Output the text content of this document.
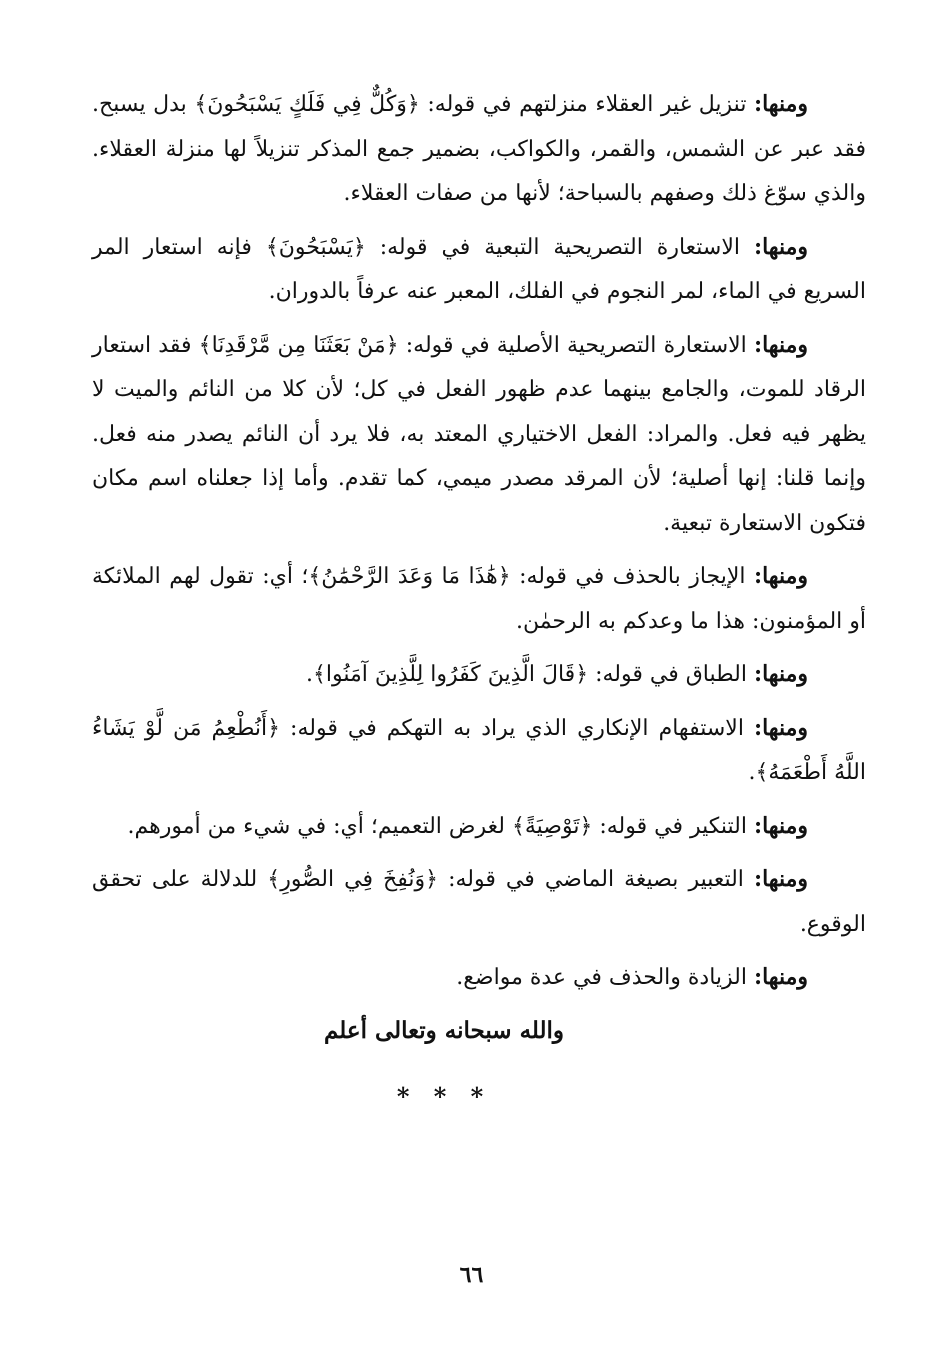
ومنها: تنزيل غير العقلاء منزلتهم في قوله: ﴿وَكُلٌّ فِي فَلَكٍ يَسْبَحُونَ﴾ بدل يسبح. فقد عبر عن الشمس، والقمر، والكواكب، بضمير جمع المذكر تنزيلاً لها منزلة العقلاء. والذي سوّغ ذلك وصفهم بالسباحة؛ لأنها من صفات العقلاء.

ومنها: الاستعارة التصريحية التبعية في قوله: ﴿يَسْبَحُونَ﴾ فإنه استعار المر السريع في الماء، لمر النجوم في الفلك، المعبر عنه عرفاً بالدوران.

ومنها: الاستعارة التصريحية الأصلية في قوله: ﴿مَنْ بَعَثَنَا مِن مَّرْقَدِنَا﴾ فقد استعار الرقاد للموت، والجامع بينهما عدم ظهور الفعل في كل؛ لأن كلا من النائم والميت لا يظهر فيه فعل. والمراد: الفعل الاختياري المعتد به، فلا يرد أن النائم يصدر منه فعل. وإنما قلنا: إنها أصلية؛ لأن المرقد مصدر ميمي، كما تقدم. وأما إذا جعلناه اسم مكان فتكون الاستعارة تبعية.

ومنها: الإيجاز بالحذف في قوله: ﴿هَٰذَا مَا وَعَدَ الرَّحْمَٰنُ﴾؛ أي: تقول لهم الملائكة أو المؤمنون: هذا ما وعدكم به الرحمٰن.

ومنها: الطباق في قوله: ﴿قَالَ الَّذِينَ كَفَرُوا لِلَّذِينَ آمَنُوا﴾.

ومنها: الاستفهام الإنكاري الذي يراد به التهكم في قوله: ﴿أَنُطْعِمُ مَن لَّوْ يَشَاءُ اللَّهُ أَطْعَمَهُ﴾.

ومنها: التنكير في قوله: ﴿تَوْصِيَةً﴾ لغرض التعميم؛ أي: في شيء من أمورهم.

ومنها: التعبير بصيغة الماضي في قوله: ﴿وَنُفِخَ فِي الصُّورِ﴾ للدلالة على تحقق الوقوع.

ومنها: الزيادة والحذف في عدة مواضع.

والله سبحانه وتعالى أعلم
* * *
٦٦
